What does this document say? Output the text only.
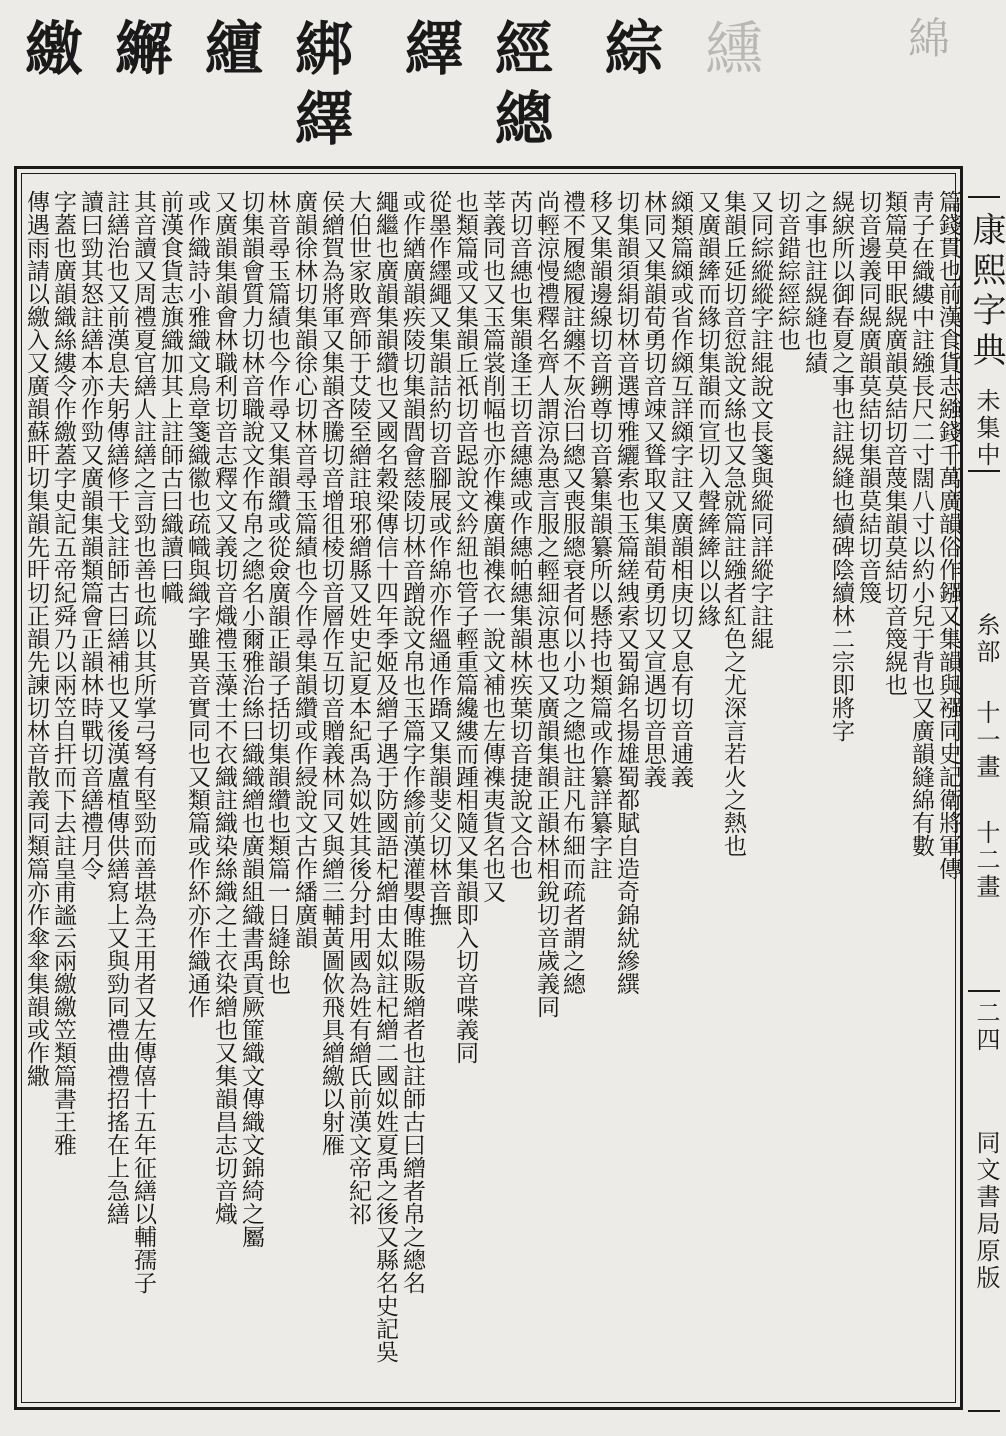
綿
繳 繲 繵 綁 繹 經 綜 纁
繹 總
康熙字典
未集中
糸部
十一畫
十二畫
二四
同文書局原版
篇錢貫也前漢食貨志繈錢千萬廣韻俗作鏹又集韻與襁同史記衛將軍傳
靑子在織縷中註繈長尺二寸闊八寸以約小兒于背也又廣韻縫綿有數
類篇莫甲眠縨廣韻莫結切音蔑集韻莫結切音篾縨也
切音邊義同縨廣韻莫結切集韻莫結切音篾
縨綟所以御春夏之事也註縨縫也續碑陰續林二宗即將字
之事也註縨縫也績
切音錯綜經綜也
又同綜縱縱字註緄說文長箋與縱同詳縱字註緄
集韻丘延切音愆說文絲也又急就篇註繈者紅色之尤深言若火之熱也
又廣韻縴而緣切集韻而宣切入聲縴縴以以緣
纐類篇纐或省作纐互詳纐字註又廣韻相庚切又息有切音逋義
林同又集韻荀勇切音竦又聳取又集韻荀勇切又宣遇切音思義
切集韻須絹切林音選博雅纚索也玉篇縒絏索又蜀錦名揚雄蜀都賦自造奇錦紌縿繏
移又集韻邊線切音鎙尊切音纂集韻纂所以懸持也類篇或作纂詳纂字註
禮不履總履註纏不灰治曰總又喪服總衰者何以小功之總也註凡布細而疏者謂之總
尚輕涼慢禮釋名齊人謂涼為惠言服之輕細涼惠也又廣韻集韻正韻林相銳切音歲義同
芮切音繐也集韻逢王切音繐繐或作繐帕繐集韻林疾葉切音捷說文合也
莘義同也又玉篇裳削幅也亦作襍廣韻襍衣一說文補也左傳襍夷貨名也又
也類篇或又集韻丘祇切音跽說文紟紐也管子輕重篇纔縷而踵相隨又集韻即入切音喋義同
從墨作纆繩又集韻詰約切音腳展或作綿亦作縕通作蹻又集韻斐父切林音撫
或作緧廣韻疾陵切集韻閭會慈陵切林音蹭說文帛也玉篇字作縿前漢灌嬰傳睢陽販繒者也註師古曰繒者帛之總名
繩繼也廣韻集韻纘也又國名穀梁傳信十四年季姬及繒子遇于防國語杞繒由太姒註杞繒二國姒姓夏禹之後又縣名史記吳
大伯世家敗齊師于艾陵至繒註琅邪繒縣又姓史記夏本紀禹為姒姓其後分封用國為姓有繒氏前漢文帝紀祁
侯繒賀為將軍又集韻吝騰切音增徂棱切音層作互切音贈義林同又與繒三輔黃圖佽飛具繒繳以射雁
廣韻徐林切集韻徐心切林音尋玉篇績也今作尋集韻纘或作綅說文古作繙廣韻
林音尋玉篇績也今作尋又集韻纘或從僉廣韻正韻子括切集韻纘也類篇一日縫餘也
切集韻會質力切林音職說文作布帛之總名小爾雅治絲曰織織繒也廣韻組織書禹貢厥篚織文傳織文錦綺之屬
又廣韻集韻會林職利切音志釋文又義切音熾禮玉藻士不衣織註織染絲織之土衣染繒也又集韻昌志切音熾
或作織詩小雅織文鳥章箋織徽也疏幟與織字雖異音實同也又類篇或作紑亦作織通作
前漢食貨志旗織加其上註師古曰織讀曰幟
其音讀又周禮夏官繕人註繕之言勁也善也疏以其所掌弓弩有堅勁而善堪為王用者又左傳僖十五年征繕以輔孺子
註繕治也又前漢息夫躬傳繕修干戈註師古曰繕補也又後漢盧植傳供繕寫上又與勁同禮曲禮招搖在上急繕
讀曰勁其怒註繕本亦作勁又廣韻集韻類篇會正韻林時戰切音繕禮月令
字蓋也廣韻織絲縷令作繳蓋字史記五帝紀舜乃以兩笠自扞而下去註皇甫謐云兩繳繳笠類篇書王雅
傳遇雨請以繳入又廣韻蘇旰切集韻先旰切正韻先諫切林音散義同類篇亦作傘傘集韻或作繖
